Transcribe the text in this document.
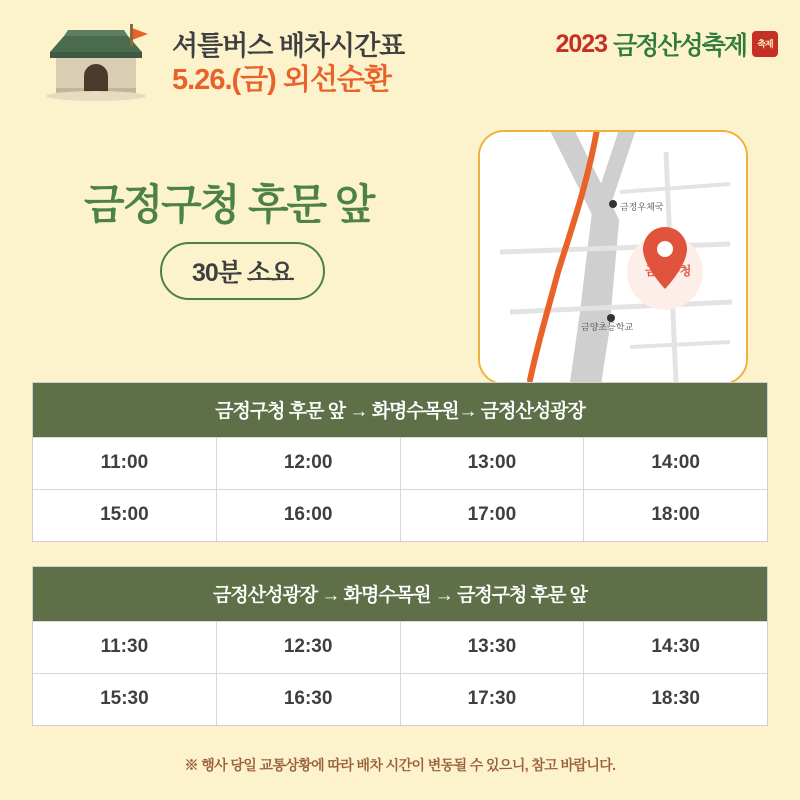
셔틀버스 배차시간표
5.26.(금) 외선순환
2023 금정산성축제	축제
금정구청 후문 앞
30분 소요
금정우체국
금양초등학교
금정구청
금정구청 후문 앞 → 화명수목원→ 금정산성광장
11:00	12:00	13:00	14:00
15:00	16:00	17:00	18:00
금정산성광장 → 화명수목원 → 금정구청 후문 앞
11:30	12:30	13:30	14:30
15:30	16:30	17:30	18:30
※ 행사 당일 교통상황에 따라 배차 시간이 변동될 수 있으니, 참고 바랍니다.
